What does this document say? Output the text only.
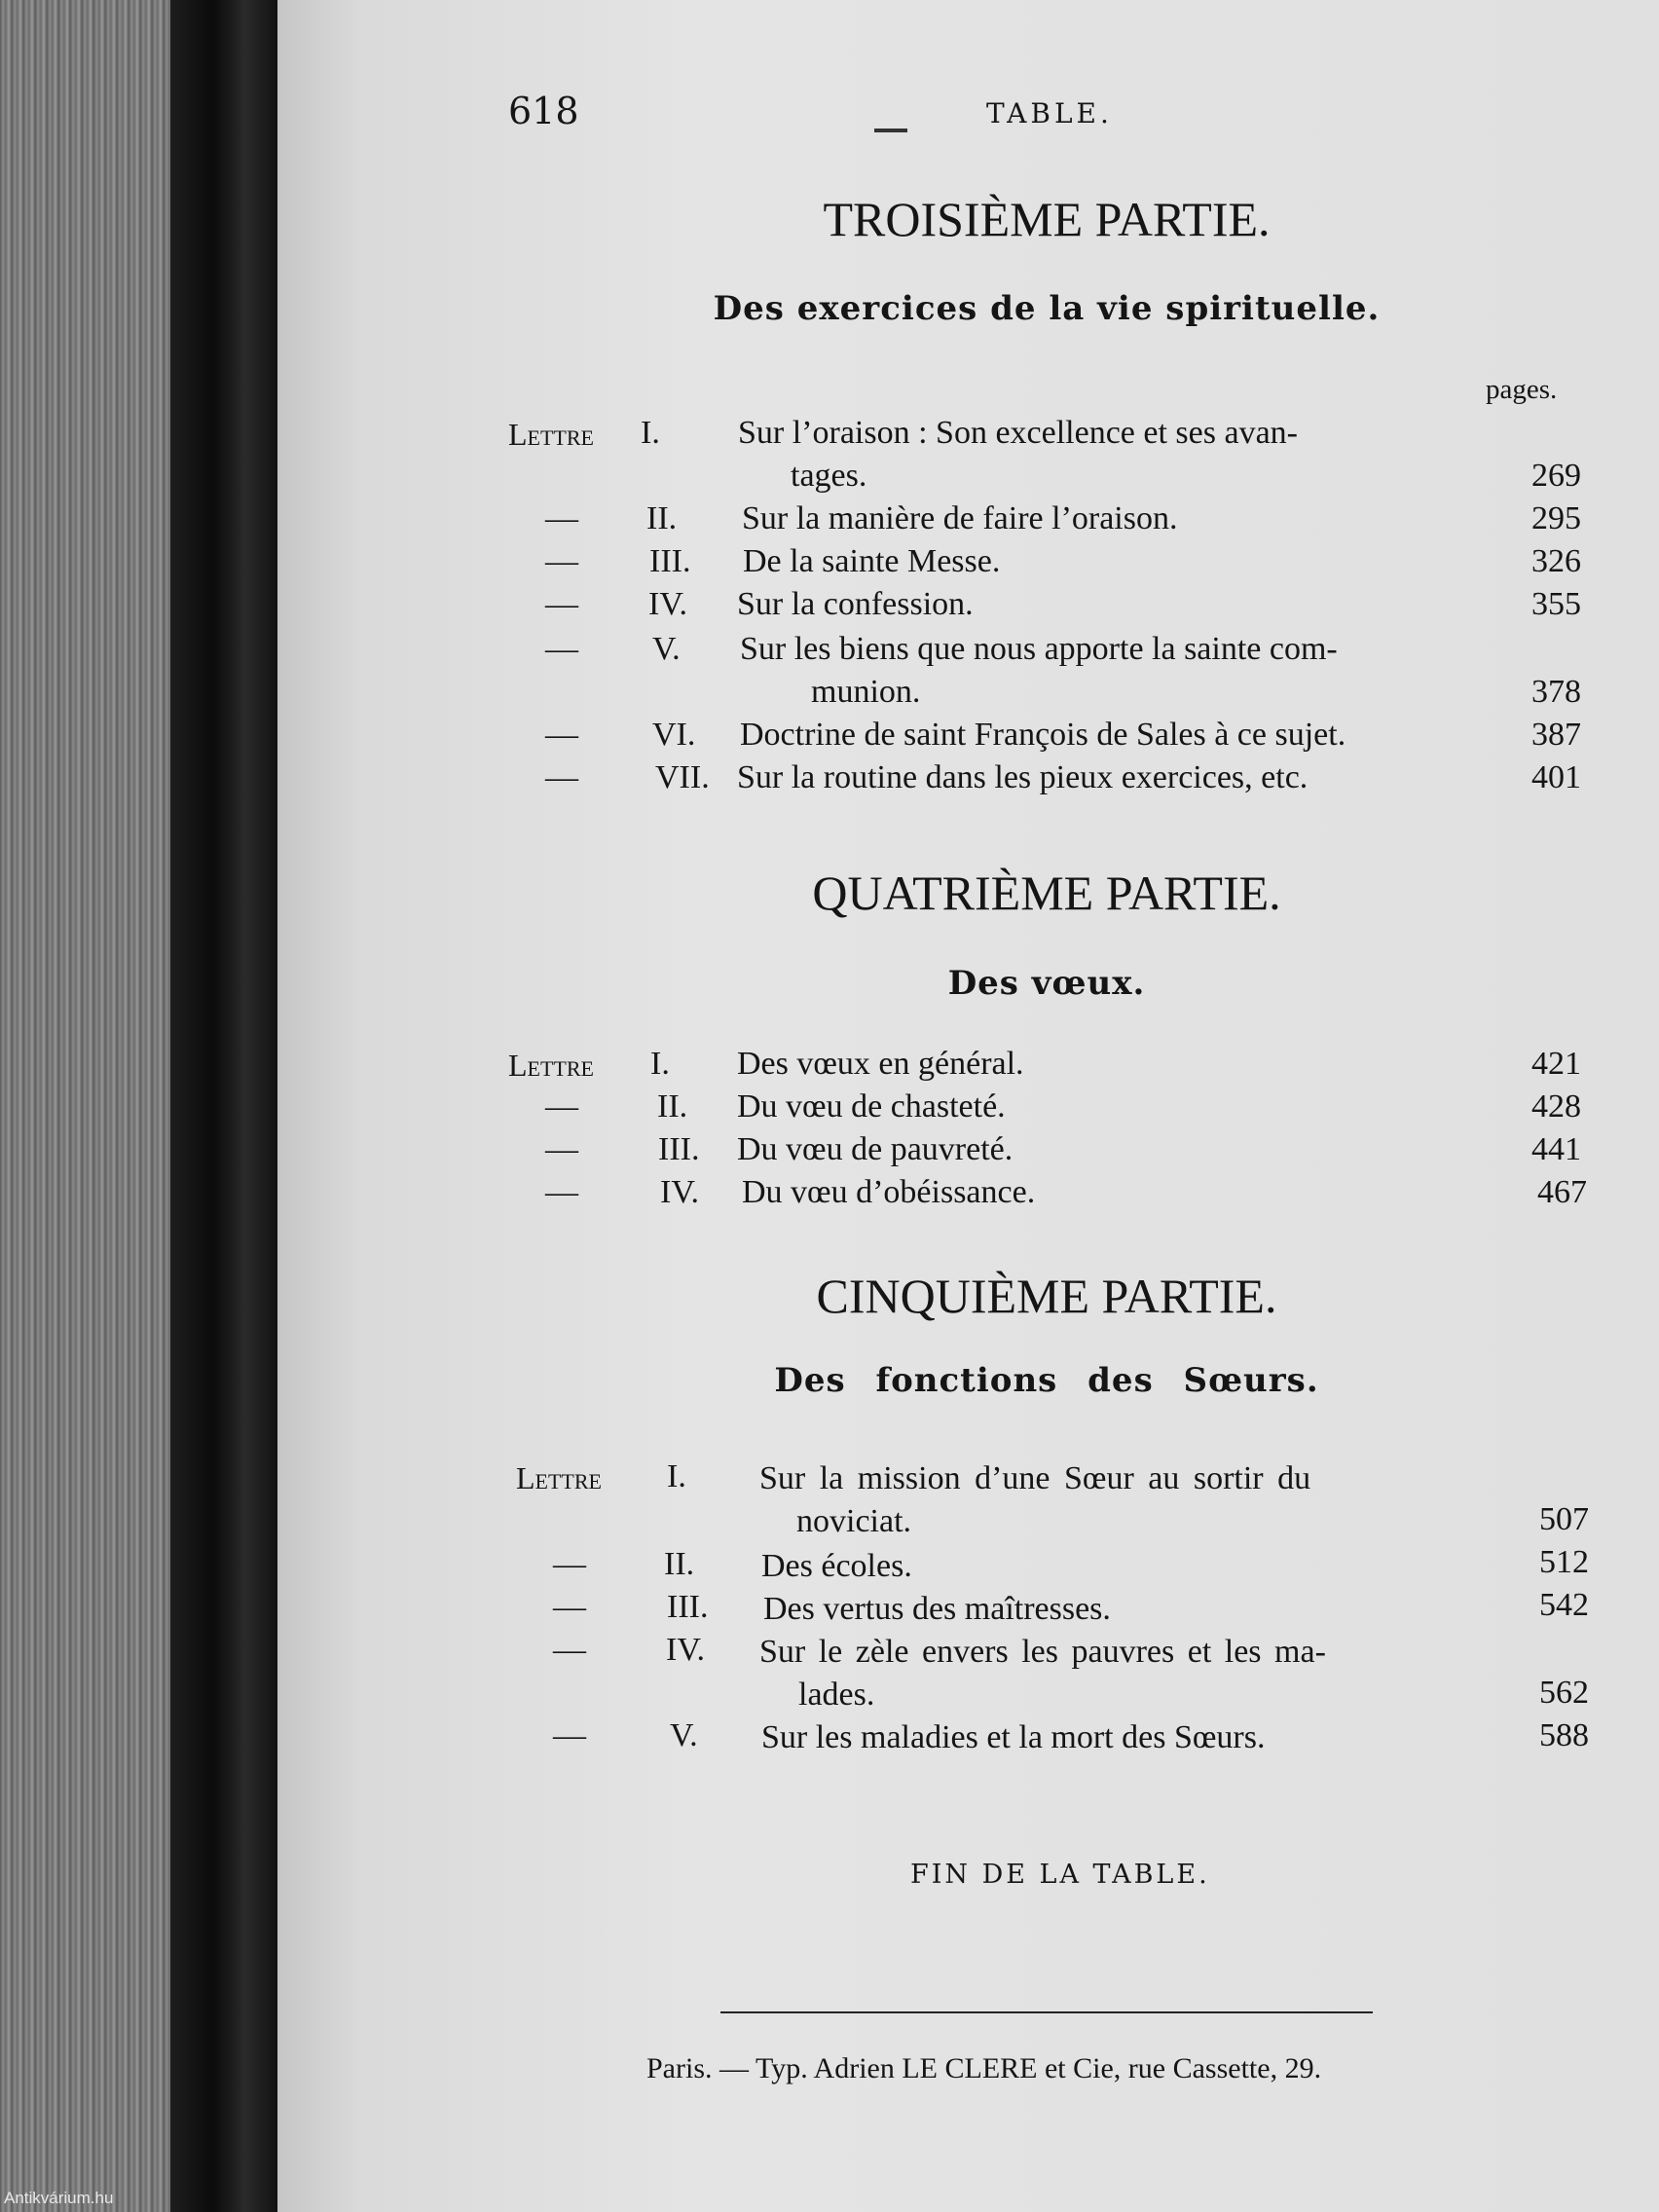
618	TABLE.
TROISIÈME PARTIE.
Des exercices de la vie spirituelle.
pages.
Lettre I. Sur l’oraison : Son excellence et ses avan-
tages.	269
— II. Sur la manière de faire l’oraison.	295
— III. De la sainte Messe.	326
— IV. Sur la confession.	355
— V. Sur les biens que nous apporte la sainte com-
munion.	378
— VI. Doctrine de saint François de Sales à ce sujet.	387
— VII. Sur la routine dans les pieux exercices, etc.	401
QUATRIÈME PARTIE.
Des vœux.
Lettre I. Des vœux en général.	421
— II. Du vœu de chasteté.	428
— III. Du vœu de pauvreté.	441
— IV. Du vœu d’obéissance.	467
CINQUIÈME PARTIE.
Des fonctions des Sœurs.
Lettre I. Sur la mission d’une Sœur au sortir du
noviciat.	507
— II. Des écoles.	512
— III. Des vertus des maîtresses.	542
— IV. Sur le zèle envers les pauvres et les ma-
lades.	562
—	V. Sur les maladies et la mort des Sœurs.	588
FIN DE LA TABLE.
Paris. — Typ. Adrien LE CLERE et Cie, rue Cassette, 29.
Antikvárium.hu
